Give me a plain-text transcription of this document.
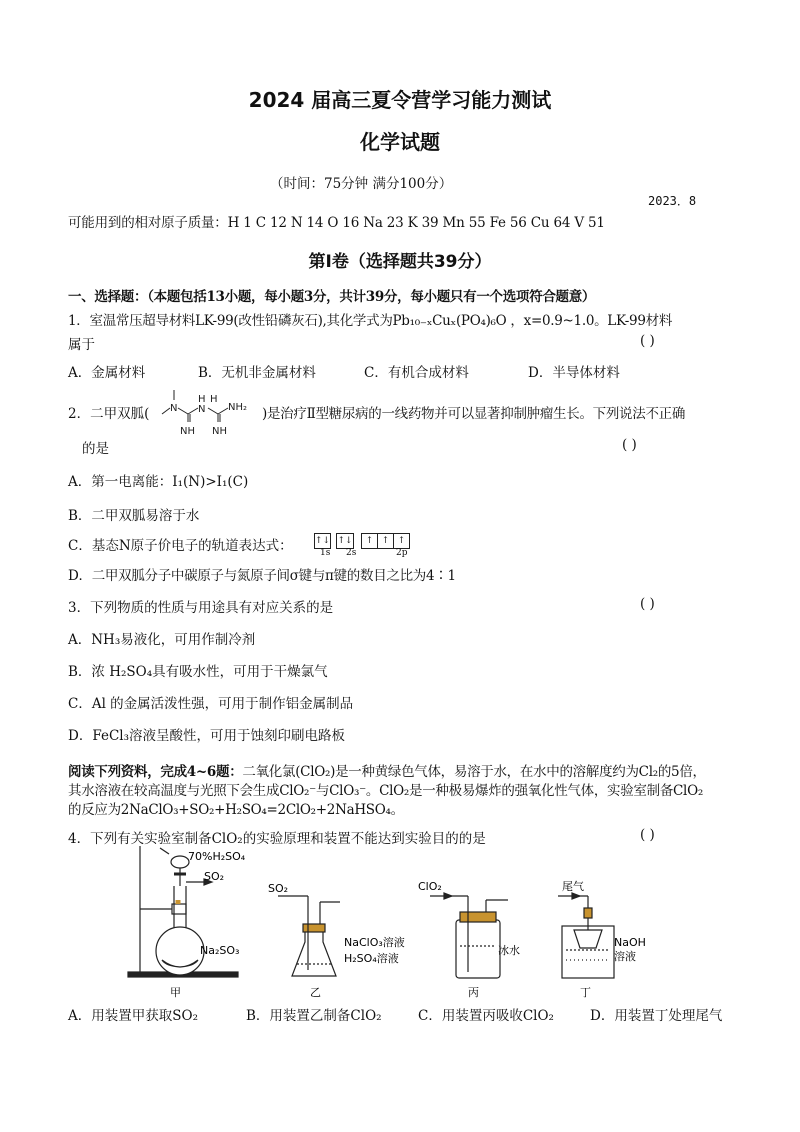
2024 届高三夏令营学习能力测试
化学试题
（时间：75分钟 满分100分）
2023．8
可能用到的相对原子质量：H 1 C 12 N 14 O 16 Na 23 K 39 Mn 55 Fe 56 Cu 64 V 51
第Ⅰ卷（选择题共39分）
一、选择题：（本题包括13小题，每小题3分，共计39分，每小题只有一个选项符合题意）
1．室温常压超导材料LK-99(改性铅磷灰石),其化学式为Pb₁₀₋ₓCuₓ(PO₄)₆O ，x=0.9~1.0。LK-99材料
属于	( )
A．金属材料	B．无机非金属材料	C．有机合成材料	D．半导体材料
2．二甲双胍( N
H
N
H
NH₂
NH NH
)是治疗Ⅱ型糖尿病的一线药物并可以显著抑制肿瘤生长。下列说法不正确
的是	( )
A．第一电离能：I₁(N)>I₁(C)
B．二甲双胍易溶于水
C．基态N原子价电子的轨道表达式： ↑↓ ↑↓ ↑ ↑ ↑
1s 2s	2p
D．二甲双胍分子中碳原子与氮原子间σ键与π键的数目之比为4∶1
3．下列物质的性质与用途具有对应关系的是	( )
A．NH₃易液化，可用作制冷剂
B．浓 H₂SO₄具有吸水性，可用于干燥氯气
C．Al 的金属活泼性强，可用于制作铝金属制品
D．FeCl₃溶液呈酸性，可用于蚀刻印刷电路板
阅读下列资料，完成4~6题：二氧化氯(ClO₂)是一种黄绿色气体，易溶于水，在水中的溶解度约为Cl₂的5倍，其水溶液在较高温度与光照下会生成ClO₂⁻与ClO₃⁻。ClO₂是一种极易爆炸的强氧化性气体，实验室制备ClO₂的反应为2NaClO₃+SO₂+H₂SO₄=2ClO₂+2NaHSO₄。
4．下列有关实验室制备ClO₂的实验原理和装置不能达到实验目的的是	( )
70%H₂SO₄
SO₂
Na₂SO₃
甲
SO₂
NaClO₃溶液
H₂SO₄溶液
乙
ClO₂
冰水
丙
尾气
NaOH
溶液
丁
A．用装置甲获取SO₂	B．用装置乙制备ClO₂	C．用装置丙吸收ClO₂	D．用装置丁处理尾气
